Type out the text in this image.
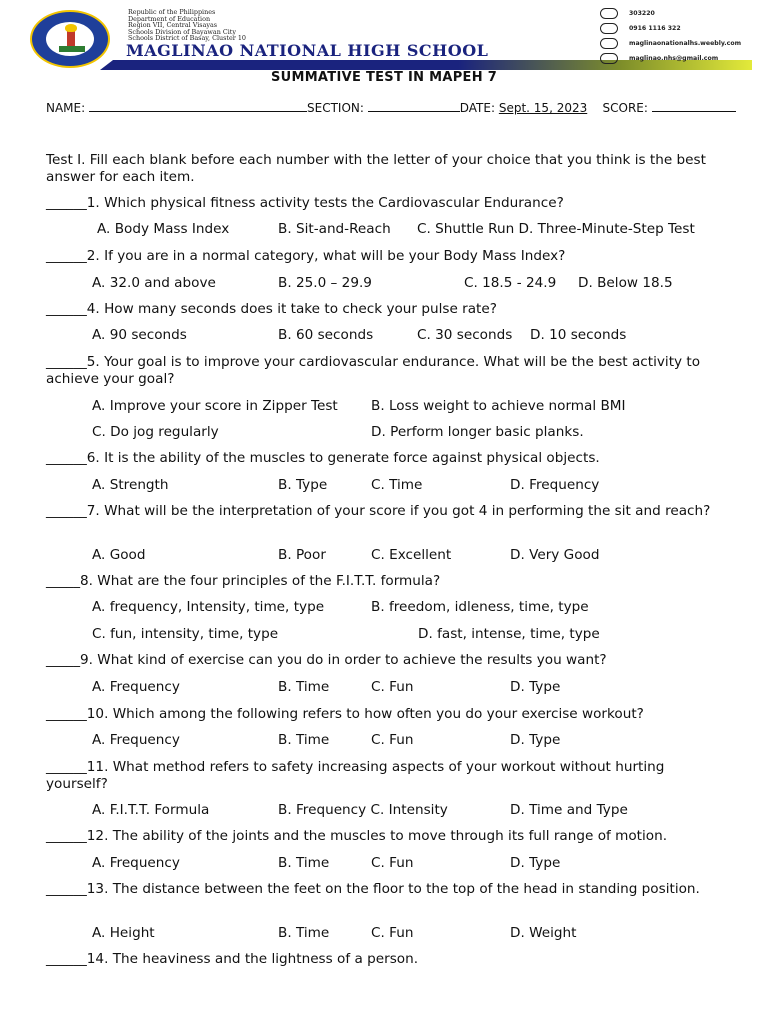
Republic of the Philippines
Department of Education
Region VII, Central Visayas
Schools Division of Bayawan City
Schools District of Basay, Cluster 10
MAGLINAO NATIONAL HIGH SCHOOL
303220
0916 1116 322
maglinaonationalhs.weebly.com
maglinao.nhs@gmail.com
SUMMATIVE TEST IN MAPEH 7
NAME:	SECTION:	DATE: Sept. 15, 2023 SCORE:
Test I. Fill each blank before each number with the letter of your choice that you think is the best answer for each item.
______1. Which physical fitness activity tests the Cardiovascular Endurance?
A. Body Mass Index	B. Sit-and-Reach C. Shuttle Run D. Three-Minute-Step Test
______2. If you are in a normal category, what will be your Body Mass Index?
A. 32.0 and above	B. 25.0 – 29.9	C. 18.5 - 24.9 D. Below 18.5
______4. How many seconds does it take to check your pulse rate?
A. 90 seconds	B. 60 seconds	C. 30 seconds D. 10 seconds
______5. Your goal is to improve your cardiovascular endurance. What will be the best activity to achieve your goal?
A. Improve your score in Zipper Test B. Loss weight to achieve normal BMI
C. Do jog regularly	D. Perform longer basic planks.
______6. It is the ability of the muscles to generate force against physical objects.
A. Strength	B. Type	C. Time	D. Frequency
______7. What will be the interpretation of your score if you got 4 in performing the sit and reach?
A. Good	B. Poor	C. Excellent	D. Very Good
_____8. What are the four principles of the F.I.T.T. formula?
A. frequency, Intensity, time, type	B. freedom, idleness, time, type
C. fun, intensity, time, type	D. fast, intense, time, type
_____9. What kind of exercise can you do in order to achieve the results you want?
A. Frequency	B. Time	C. Fun	D. Type
______10. Which among the following refers to how often you do your exercise workout?
A. Frequency	B. Time	C. Fun	D. Type
______11. What method refers to safety increasing aspects of your workout without hurting yourself?
A. F.I.T.T. Formula	B. Frequency C. Intensity	D. Time and Type
______12. The ability of the joints and the muscles to move through its full range of motion.
A. Frequency	B. Time	C. Fun	D. Type
______13. The distance between the feet on the floor to the top of the head in standing position.
A. Height	B. Time	C. Fun	D. Weight
______14. The heaviness and the lightness of a person.
